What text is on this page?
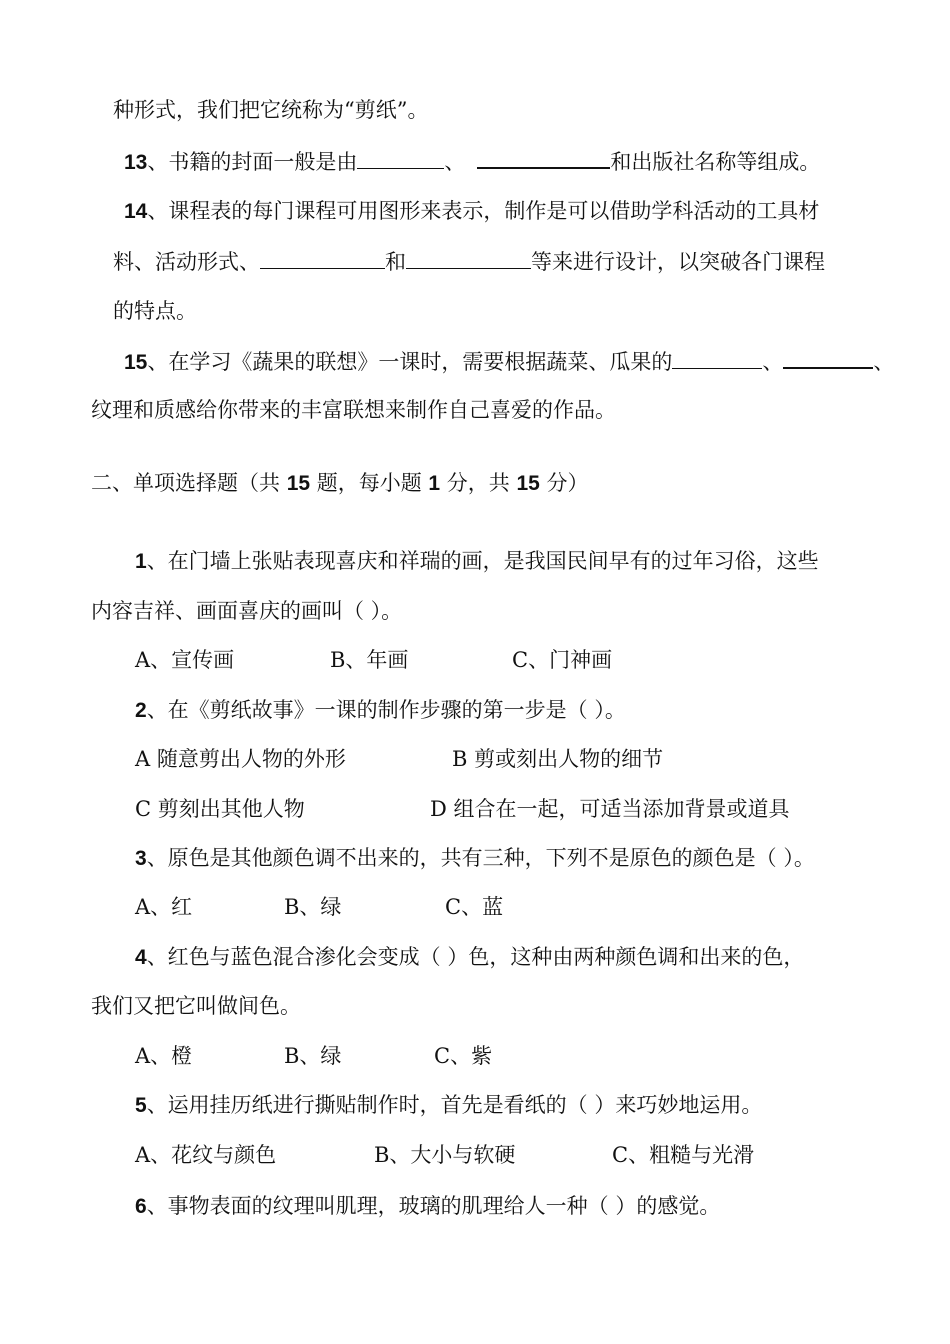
种形式，我们把它统称为“剪纸”。
13、书籍的封面一般是由	、	和出版社名称等组成。
14、课程表的每门课程可用图形来表示，制作是可以借助学科活动的工具材
料、活动形式、	和	等来进行设计，以突破各门课程
的特点。
15、在学习《蔬果的联想》一课时，需要根据蔬菜、瓜果的	、	、
纹理和质感给你带来的丰富联想来制作自己喜爱的作品。
二、单项选择题（共 15 题，每小题 1 分，共 15 分）
1、在门墙上张贴表现喜庆和祥瑞的画，是我国民间早有的过年习俗，这些
内容吉祥、画面喜庆的画叫（ ）。
A、宣传画	B、年画	C、门神画
2、在《剪纸故事》一课的制作步骤的第一步是（ ）。
A 随意剪出人物的外形	B 剪或刻出人物的细节
C 剪刻出其他人物	D 组合在一起，可适当添加背景或道具
3、原色是其他颜色调不出来的，共有三种，下列不是原色的颜色是（ ）。
A、红	B、绿	C、蓝
4、红色与蓝色混合渗化会变成（ ）色，这种由两种颜色调和出来的色，
我们又把它叫做间色。
A、橙	B、绿	C、紫
5、运用挂历纸进行撕贴制作时，首先是看纸的（ ）来巧妙地运用。
A、花纹与颜色	B、大小与软硬	C、粗糙与光滑
6、事物表面的纹理叫肌理，玻璃的肌理给人一种（ ）的感觉。
